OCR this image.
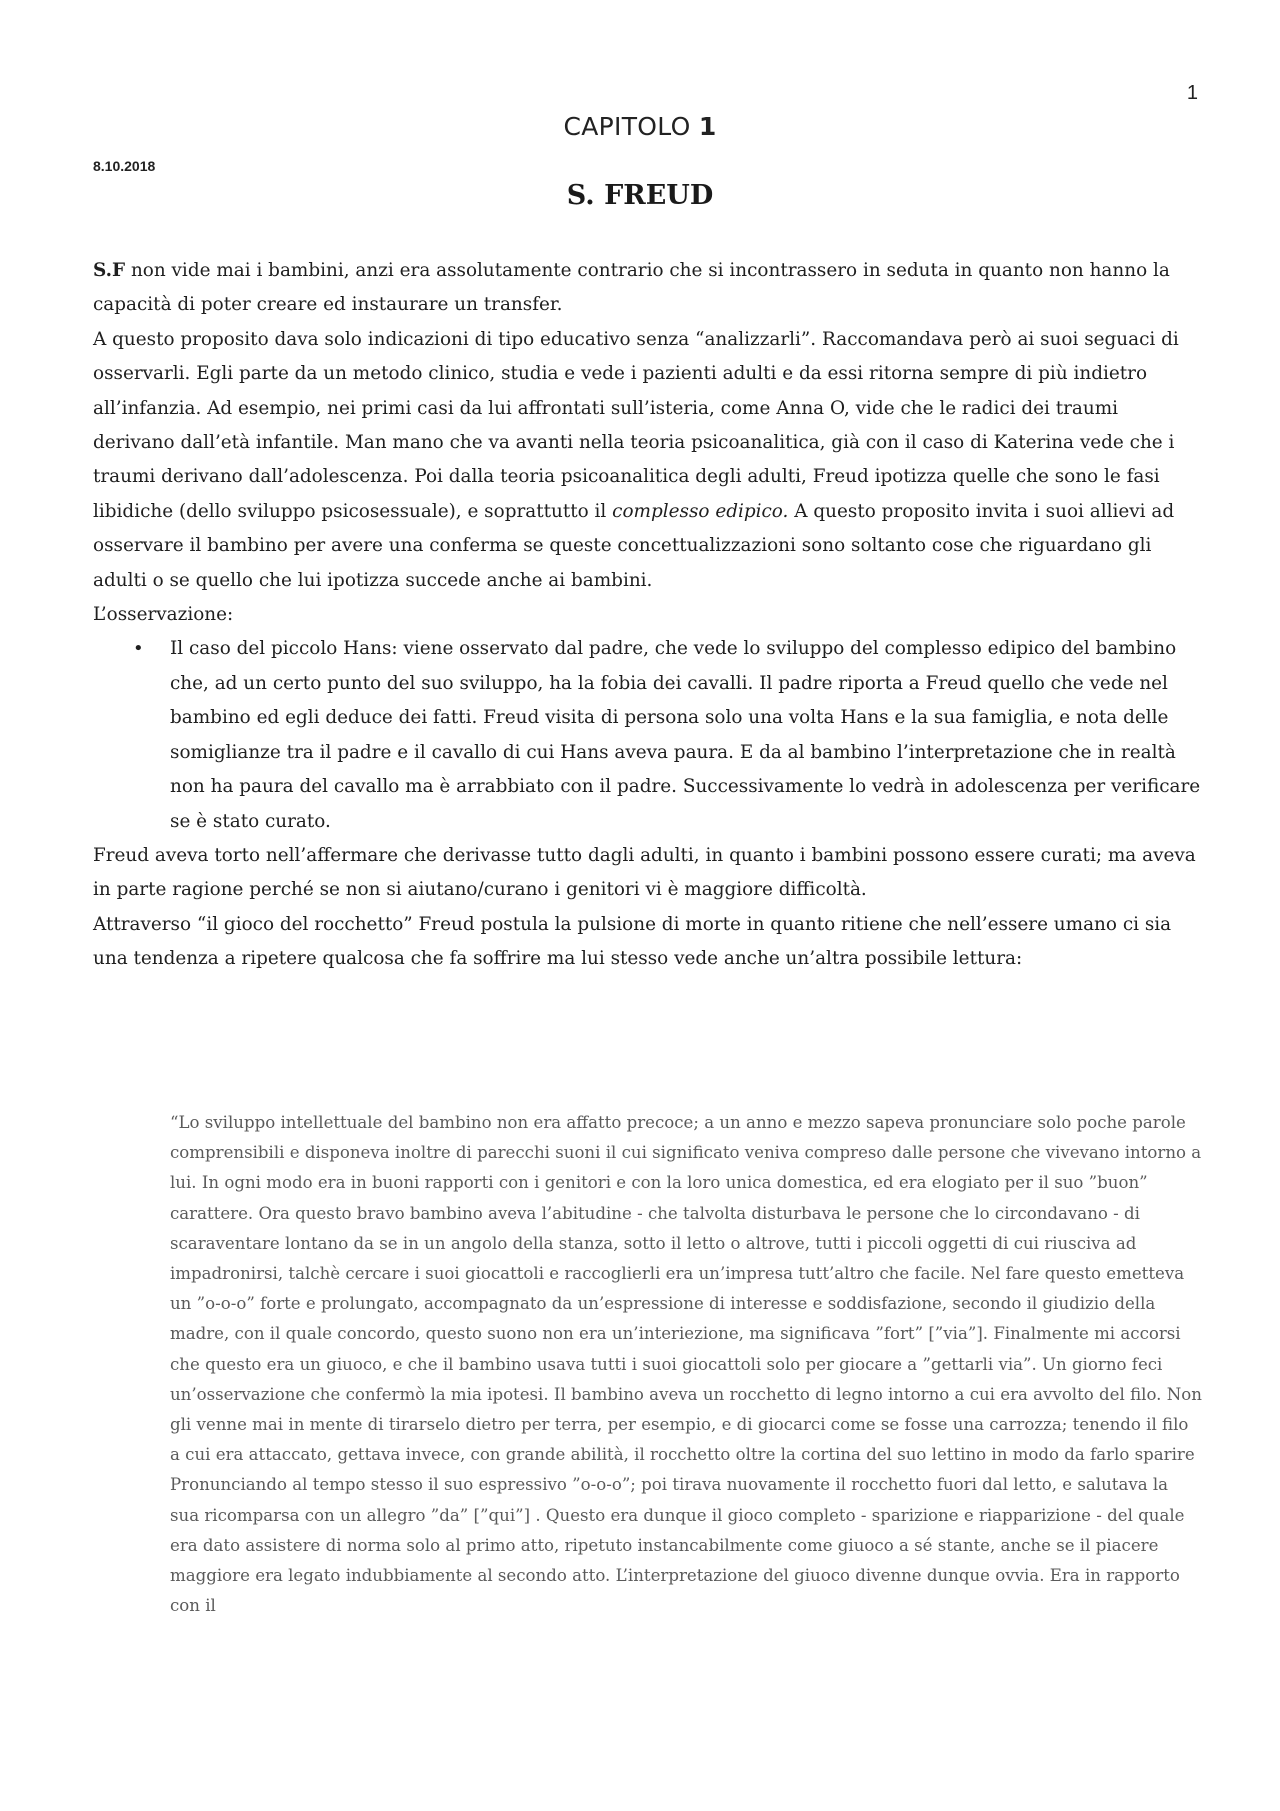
1
CAPITOLO 1
8.10.2018
S. FREUD

S.F non vide mai i bambini, anzi era assolutamente contrario che si incontrassero in seduta in quanto non hanno la capacità di poter creare ed instaurare un transfer.

A questo proposito dava solo indicazioni di tipo educativo senza “analizzarli”. Raccomandava però ai suoi seguaci di osservarli. Egli parte da un metodo clinico, studia e vede i pazienti adulti e da essi ritorna sempre di più indietro all’infanzia. Ad esempio, nei primi casi da lui affrontati sull’isteria, come Anna O, vide che le radici dei traumi derivano dall’età infantile. Man mano che va avanti nella teoria psicoanalitica, già con il caso di Katerina vede che i traumi derivano dall’adolescenza. Poi dalla teoria psicoanalitica degli adulti, Freud ipotizza quelle che sono le fasi libidiche (dello sviluppo psicosessuale), e soprattutto il complesso edipico. A questo proposito invita i suoi allievi ad osservare il bambino per avere una conferma se queste concettualizzazioni sono soltanto cose che riguardano gli adulti o se quello che lui ipotizza succede anche ai bambini.

L’osservazione:

• Il caso del piccolo Hans: viene osservato dal padre, che vede lo sviluppo del complesso edipico del bambino che, ad un certo punto del suo sviluppo, ha la fobia dei cavalli. Il padre riporta a Freud quello che vede nel bambino ed egli deduce dei fatti. Freud visita di persona solo una volta Hans e la sua famiglia, e nota delle somiglianze tra il padre e il cavallo di cui Hans aveva paura. E da al bambino l’interpretazione che in realtà non ha paura del cavallo ma è arrabbiato con il padre. Successivamente lo vedrà in adolescenza per verificare se è stato curato.

Freud aveva torto nell’affermare che derivasse tutto dagli adulti, in quanto i bambini possono essere curati; ma aveva in parte ragione perché se non si aiutano/curano i genitori vi è maggiore difficoltà.

Attraverso “il gioco del rocchetto” Freud postula la pulsione di morte in quanto ritiene che nell’essere umano ci sia una tendenza a ripetere qualcosa che fa soffrire ma lui stesso vede anche un’altra possibile lettura:

“Lo sviluppo intellettuale del bambino non era affatto precoce; a un anno e mezzo sapeva pronunciare solo poche parole comprensibili e disponeva inoltre di parecchi suoni il cui significato veniva compreso dalle persone che vivevano intorno a lui. In ogni modo era in buoni rapporti con i genitori e con la loro unica domestica, ed era elogiato per il suo ”buon” carattere. Ora questo bravo bambino aveva l’abitudine - che talvolta disturbava le persone che lo circondavano - di scaraventare lontano da se in un angolo della stanza, sotto il letto o altrove, tutti i piccoli oggetti di cui riusciva ad impadronirsi, talchè cercare i suoi giocattoli e raccoglierli era un’impresa tutt’altro che facile. Nel fare questo emetteva un ”o-o-o” forte e prolungato, accompagnato da un’espressione di interesse e soddisfazione, secondo il giudizio della madre, con il quale concordo, questo suono non era un’interiezione, ma significava ”fort” [”via”]. Finalmente mi accorsi che questo era un giuoco, e che il bambino usava tutti i suoi giocattoli solo per giocare a ”gettarli via”. Un giorno feci un’osservazione che confermò la mia ipotesi. Il bambino aveva un rocchetto di legno intorno a cui era avvolto del filo. Non gli venne mai in mente di tirarselo dietro per terra, per esempio, e di giocarci come se fosse una carrozza; tenendo il filo a cui era attaccato, gettava invece, con grande abilità, il rocchetto oltre la cortina del suo lettino in modo da farlo sparire Pronunciando al tempo stesso il suo espressivo ”o-o-o”; poi tirava nuovamente il rocchetto fuori dal letto, e salutava la sua ricomparsa con un allegro ”da” [”qui”] . Questo era dunque il gioco completo - sparizione e riapparizione - del quale era dato assistere di norma solo al primo atto, ripetuto instancabilmente come giuoco a sé stante, anche se il piacere maggiore era legato indubbiamente al secondo atto. L’interpretazione del giuoco divenne dunque ovvia. Era in rapporto con il
